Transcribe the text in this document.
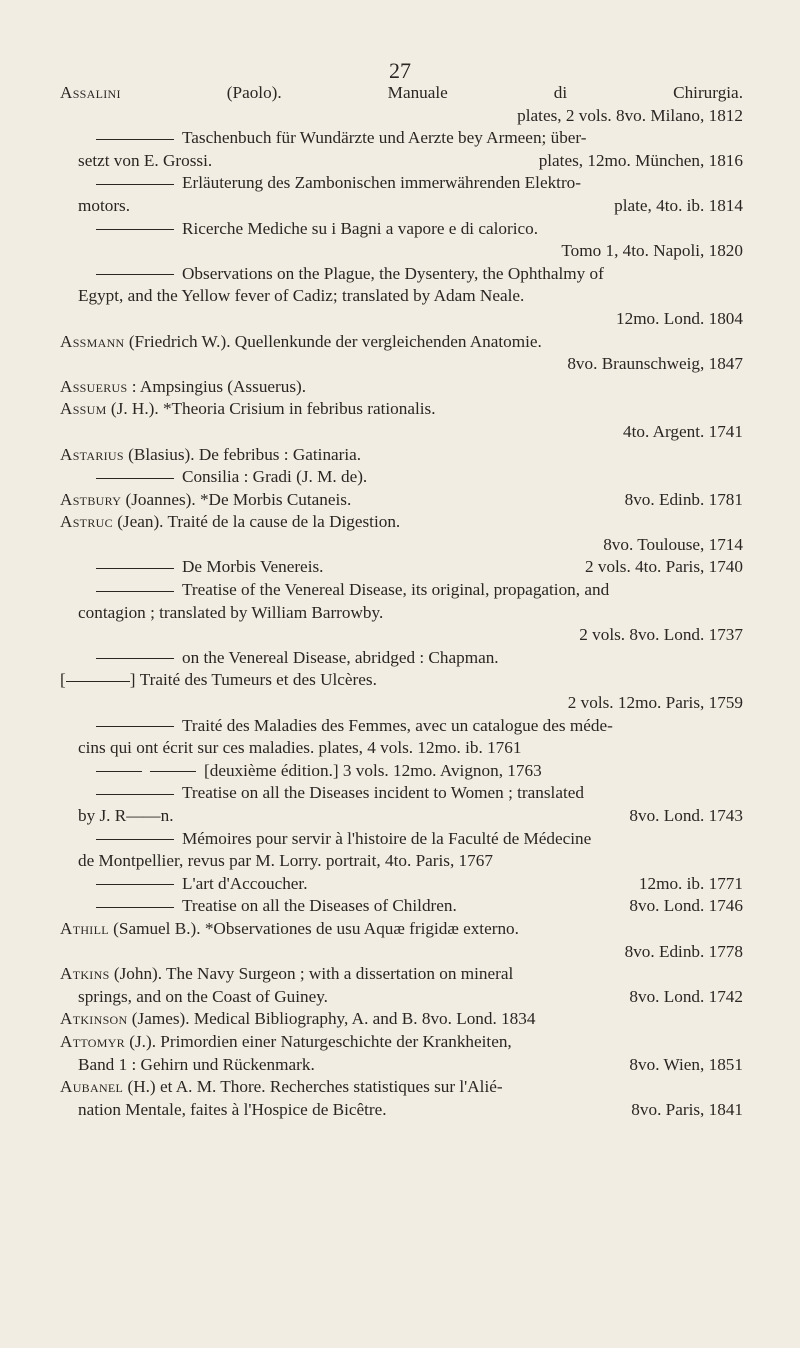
27
Assalini (Paolo). Manuale di Chirurgia.
plates, 2 vols. 8vo. Milano, 1812
Taschenbuch für Wundärzte und Aerzte bey Armeen; über-
setzt von E. Grossi.	plates, 12mo. München, 1816
Erläuterung des Zambonischen immerwährenden Elektro-
motors.	plate, 4to. ib. 1814
Ricerche Mediche su i Bagni a vapore e di calorico.
Tomo 1, 4to. Napoli, 1820
Observations on the Plague, the Dysentery, the Ophthalmy of
Egypt, and the Yellow fever of Cadiz; translated by Adam Neale.
12mo. Lond. 1804
Assmann (Friedrich W.). Quellenkunde der vergleichenden Anatomie.
8vo. Braunschweig, 1847
Assuerus : Ampsingius (Assuerus).
Assum (J. H.). *Theoria Crisium in febribus rationalis.
4to. Argent. 1741
Astarius (Blasius). De febribus : Gatinaria.
Consilia : Gradi (J. M. de).
Astbury (Joannes). *De Morbis Cutaneis.	8vo. Edinb. 1781
Astruc (Jean). Traité de la cause de la Digestion.
8vo. Toulouse, 1714
De Morbis Venereis.	2 vols. 4to. Paris, 1740
Treatise of the Venereal Disease, its original, propagation, and
contagion ; translated by William Barrowby.
2 vols. 8vo. Lond. 1737
on the Venereal Disease, abridged : Chapman.
[	] Traité des Tumeurs et des Ulcères.
2 vols. 12mo. Paris, 1759
Traité des Maladies des Femmes, avec un catalogue des méde-
cins qui ont écrit sur ces maladies. plates, 4 vols. 12mo. ib. 1761
[deuxième édition.] 3 vols. 12mo. Avignon, 1763
Treatise on all the Diseases incident to Women ; translated
by J. R——n.	8vo. Lond. 1743
Mémoires pour servir à l'histoire de la Faculté de Médecine
de Montpellier, revus par M. Lorry. portrait, 4to. Paris, 1767
L'art d'Accoucher.	12mo. ib. 1771
Treatise on all the Diseases of Children.	8vo. Lond. 1746
Athill (Samuel B.). *Observationes de usu Aquæ frigidæ externo.
8vo. Edinb. 1778
Atkins (John). The Navy Surgeon ; with a dissertation on mineral
springs, and on the Coast of Guiney.	8vo. Lond. 1742
Atkinson (James). Medical Bibliography, A. and B. 8vo. Lond. 1834
Attomyr (J.). Primordien einer Naturgeschichte der Krankheiten,
Band 1 : Gehirn und Rückenmark.	8vo. Wien, 1851
Aubanel (H.) et A. M. Thore. Recherches statistiques sur l'Alié-
nation Mentale, faites à l'Hospice de Bicêtre.	8vo. Paris, 1841
